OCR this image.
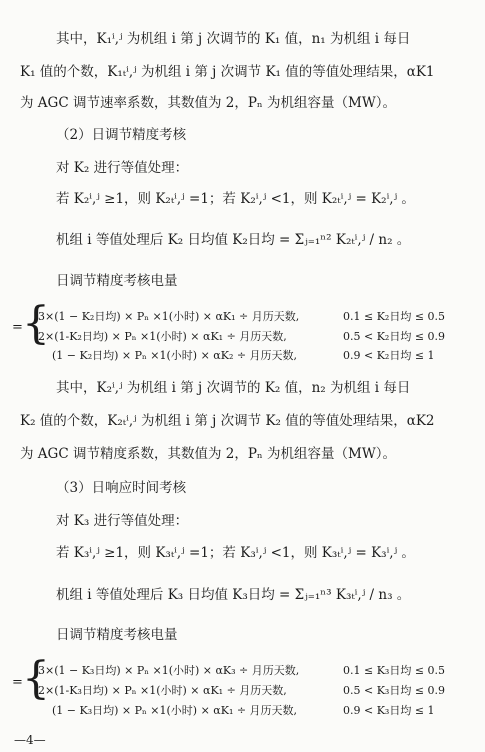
其中，K₁ⁱ,ʲ 为机组 i 第 j 次调节的 K₁ 值，n₁ 为机组 i 每日
K₁ 值的个数，K₁ₜⁱ,ʲ 为机组 i 第 j 次调节 K₁ 值的等值处理结果，αK1
为 AGC 调节速率系数，其数值为 2，Pₙ 为机组容量（MW）。
（2）日调节精度考核
对 K₂ 进行等值处理：
若 K₂ⁱ,ʲ ≥1，则 K₂ₜⁱ,ʲ =1；若 K₂ⁱ,ʲ <1，则 K₂ₜⁱ,ʲ = K₂ⁱ,ʲ 。
机组 i 等值处理后 K₂ 日均值 K₂日均 = Σⱼ₌₁ⁿ² K₂ₜⁱ,ʲ / n₂ 。
日调节精度考核电量
= {
3×(1 − K₂日均) × Pₙ ×1(小时) × αK₁ ÷ 月历天数,	0.1 ≤ K₂日均 ≤ 0.5
2×(1-K₂日均) × Pₙ ×1(小时) × αK₁ ÷ 月历天数,	0.5 < K₂日均 ≤ 0.9
(1 − K₂日均) × Pₙ ×1(小时) × αK₂ ÷ 月历天数,	0.9 < K₂日均 ≤ 1
其中，K₂ⁱ,ʲ 为机组 i 第 j 次调节的 K₂ 值，n₂ 为机组 i 每日
K₂ 值的个数，K₂ₜⁱ,ʲ 为机组 i 第 j 次调节 K₂ 值的等值处理结果，αK2
为 AGC 调节精度系数，其数值为 2，Pₙ 为机组容量（MW）。
（3）日响应时间考核
对 K₃ 进行等值处理：
若 K₃ⁱ,ʲ ≥1，则 K₃ₜⁱ,ʲ =1；若 K₃ⁱ,ʲ <1，则 K₃ₜⁱ,ʲ = K₃ⁱ,ʲ 。
机组 i 等值处理后 K₃ 日均值 K₃日均 = Σⱼ₌₁ⁿ³ K₃ₜⁱ,ʲ / n₃ 。
日调节精度考核电量
= {
3×(1 − K₃日均) × Pₙ ×1(小时) × αK₃ ÷ 月历天数,	0.1 ≤ K₃日均 ≤ 0.5
2×(1-K₃日均) × Pₙ ×1(小时) × αK₁ ÷ 月历天数,	0.5 < K₃日均 ≤ 0.9
(1 − K₃日均) × Pₙ ×1(小时) × αK₁ ÷ 月历天数,	0.9 < K₃日均 ≤ 1
—4—
